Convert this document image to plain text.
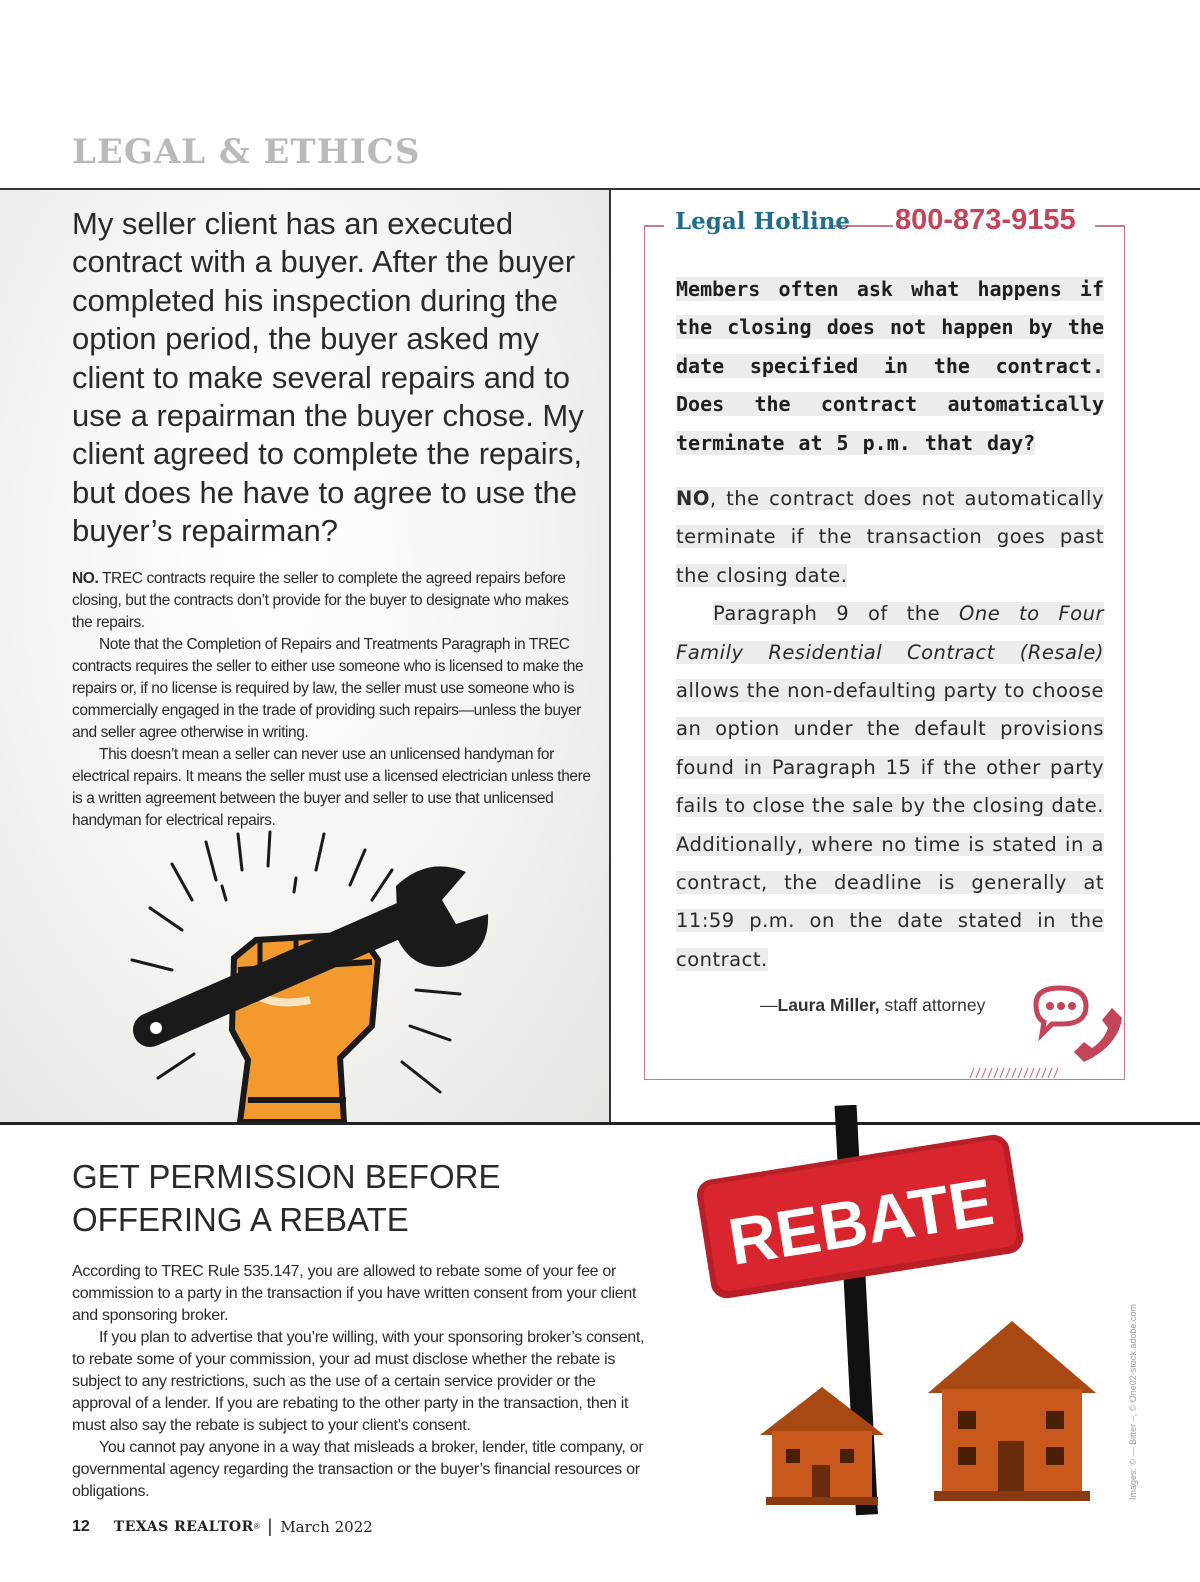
LEGAL & ETHICS
My seller client has an executed contract with a buyer. After the buyer completed his inspection during the option period, the buyer asked my client to make several repairs and to use a repairman the buyer chose. My client agreed to complete the repairs, but does he have to agree to use the buyer’s repairman?

NO. TREC contracts require the seller to complete the agreed repairs before closing, but the contracts don’t provide for the buyer to designate who makes the repairs.

Note that the Completion of Repairs and Treatments Paragraph in TREC contracts requires the seller to either use someone who is licensed to make the repairs or, if no license is required by law, the seller must use someone who is commercially engaged in the trade of providing such repairs—unless the buyer and seller agree otherwise in writing.

This doesn’t mean a seller can never use an unlicensed handyman for electrical repairs. It means the seller must use a licensed electrician unless there is a written agreement between the buyer and seller to use that unlicensed handyman for electrical repairs.

Legal Hotline 800-873-9155
Members often ask what happens if the closing does not happen by the date specified in the contract. Does the contract automatically terminate at 5 p.m. that day?

NO, the contract does not automatically terminate if the transaction goes past the closing date.

Paragraph 9 of the One to Four Family Residential Contract (Resale) allows the non-defaulting party to choose an option under the default provisions found in Paragraph 15 if the other party fails to close the sale by the closing date. Additionally, where no time is stated in a contract, the deadline is generally at 11:59 p.m. on the date stated in the contract.

—Laura Miller, staff attorney
GET PERMISSION BEFORE OFFERING A REBATE

According to TREC Rule 535.147, you are allowed to rebate some of your fee or commission to a party in the transaction if you have written consent from your client and sponsoring broker.

If you plan to advertise that you’re willing, with your sponsoring broker’s consent, to rebate some of your commission, your ad must disclose whether the rebate is subject to any restrictions, such as the use of a certain service provider or the approval of a lender. If you are rebating to the other party in the transaction, then it must also say the rebate is subject to your client’s consent.

You cannot pay anyone in a way that misleads a broker, lender, title company, or governmental agency regarding the transaction or the buyer’s financial resources or obligations.

REBATE
Images: © — Bitter –, © One02-stock.adobe.com
12 TEXAS REALTOR ® | March 2022
